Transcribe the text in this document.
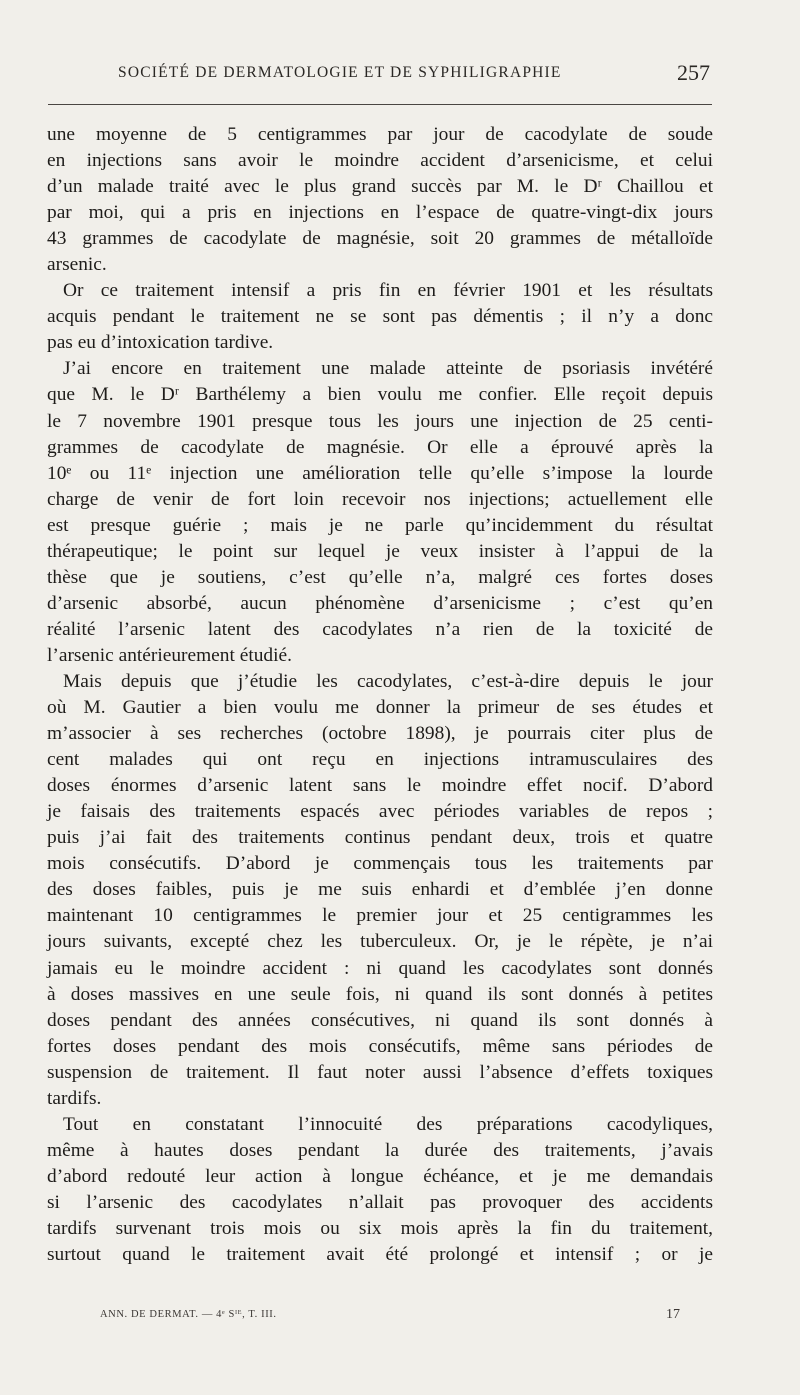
SOCIÉTÉ DE DERMATOLOGIE ET DE SYPHILIGRAPHIE	257
une moyenne de 5 centigrammes par jour de cacodylate de soude
en injections sans avoir le moindre accident d’arsenicisme, et celui
d’un malade traité avec le plus grand succès par M. le Dʳ Chaillou et
par moi, qui a pris en injections en l’espace de quatre-vingt-dix jours
43 grammes de cacodylate de magnésie, soit 20 grammes de métalloïde
arsenic.
Or ce traitement intensif a pris fin en février 1901 et les résultats
acquis pendant le traitement ne se sont pas démentis ; il n’y a donc
pas eu d’intoxication tardive.
J’ai encore en traitement une malade atteinte de psoriasis invétéré
que M. le Dʳ Barthélemy a bien voulu me confier. Elle reçoit depuis
le 7 novembre 1901 presque tous les jours une injection de 25 centi-
grammes de cacodylate de magnésie. Or elle a éprouvé après la
10ᵉ ou 11ᵉ injection une amélioration telle qu’elle s’impose la lourde
charge de venir de fort loin recevoir nos injections; actuellement elle
est presque guérie ; mais je ne parle qu’incidemment du résultat
thérapeutique; le point sur lequel je veux insister à l’appui de la
thèse que je soutiens, c’est qu’elle n’a, malgré ces fortes doses
d’arsenic absorbé, aucun phénomène d’arsenicisme ; c’est qu’en
réalité l’arsenic latent des cacodylates n’a rien de la toxicité de
l’arsenic antérieurement étudié.
Mais depuis que j’étudie les cacodylates, c’est-à-dire depuis le jour
où M. Gautier a bien voulu me donner la primeur de ses études et
m’associer à ses recherches (octobre 1898), je pourrais citer plus de
cent malades qui ont reçu en injections intramusculaires des
doses énormes d’arsenic latent sans le moindre effet nocif. D’abord
je faisais des traitements espacés avec périodes variables de repos ;
puis j’ai fait des traitements continus pendant deux, trois et quatre
mois consécutifs. D’abord je commençais tous les traitements par
des doses faibles, puis je me suis enhardi et d’emblée j’en donne
maintenant 10 centigrammes le premier jour et 25 centigrammes les
jours suivants, excepté chez les tuberculeux. Or, je le répète, je n’ai
jamais eu le moindre accident : ni quand les cacodylates sont donnés
à doses massives en une seule fois, ni quand ils sont donnés à petites
doses pendant des années consécutives, ni quand ils sont donnés à
fortes doses pendant des mois consécutifs, même sans périodes de
suspension de traitement. Il faut noter aussi l’absence d’effets toxiques
tardifs.
Tout en constatant l’innocuité des préparations cacodyliques,
même à hautes doses pendant la durée des traitements, j’avais
d’abord redouté leur action à longue échéance, et je me demandais
si l’arsenic des cacodylates n’allait pas provoquer des accidents
tardifs survenant trois mois ou six mois après la fin du traitement,
surtout quand le traitement avait été prolongé et intensif ; or je
ANN. DE DERMAT. — 4ᵉ Sᴵᴱ, T. III.	17
